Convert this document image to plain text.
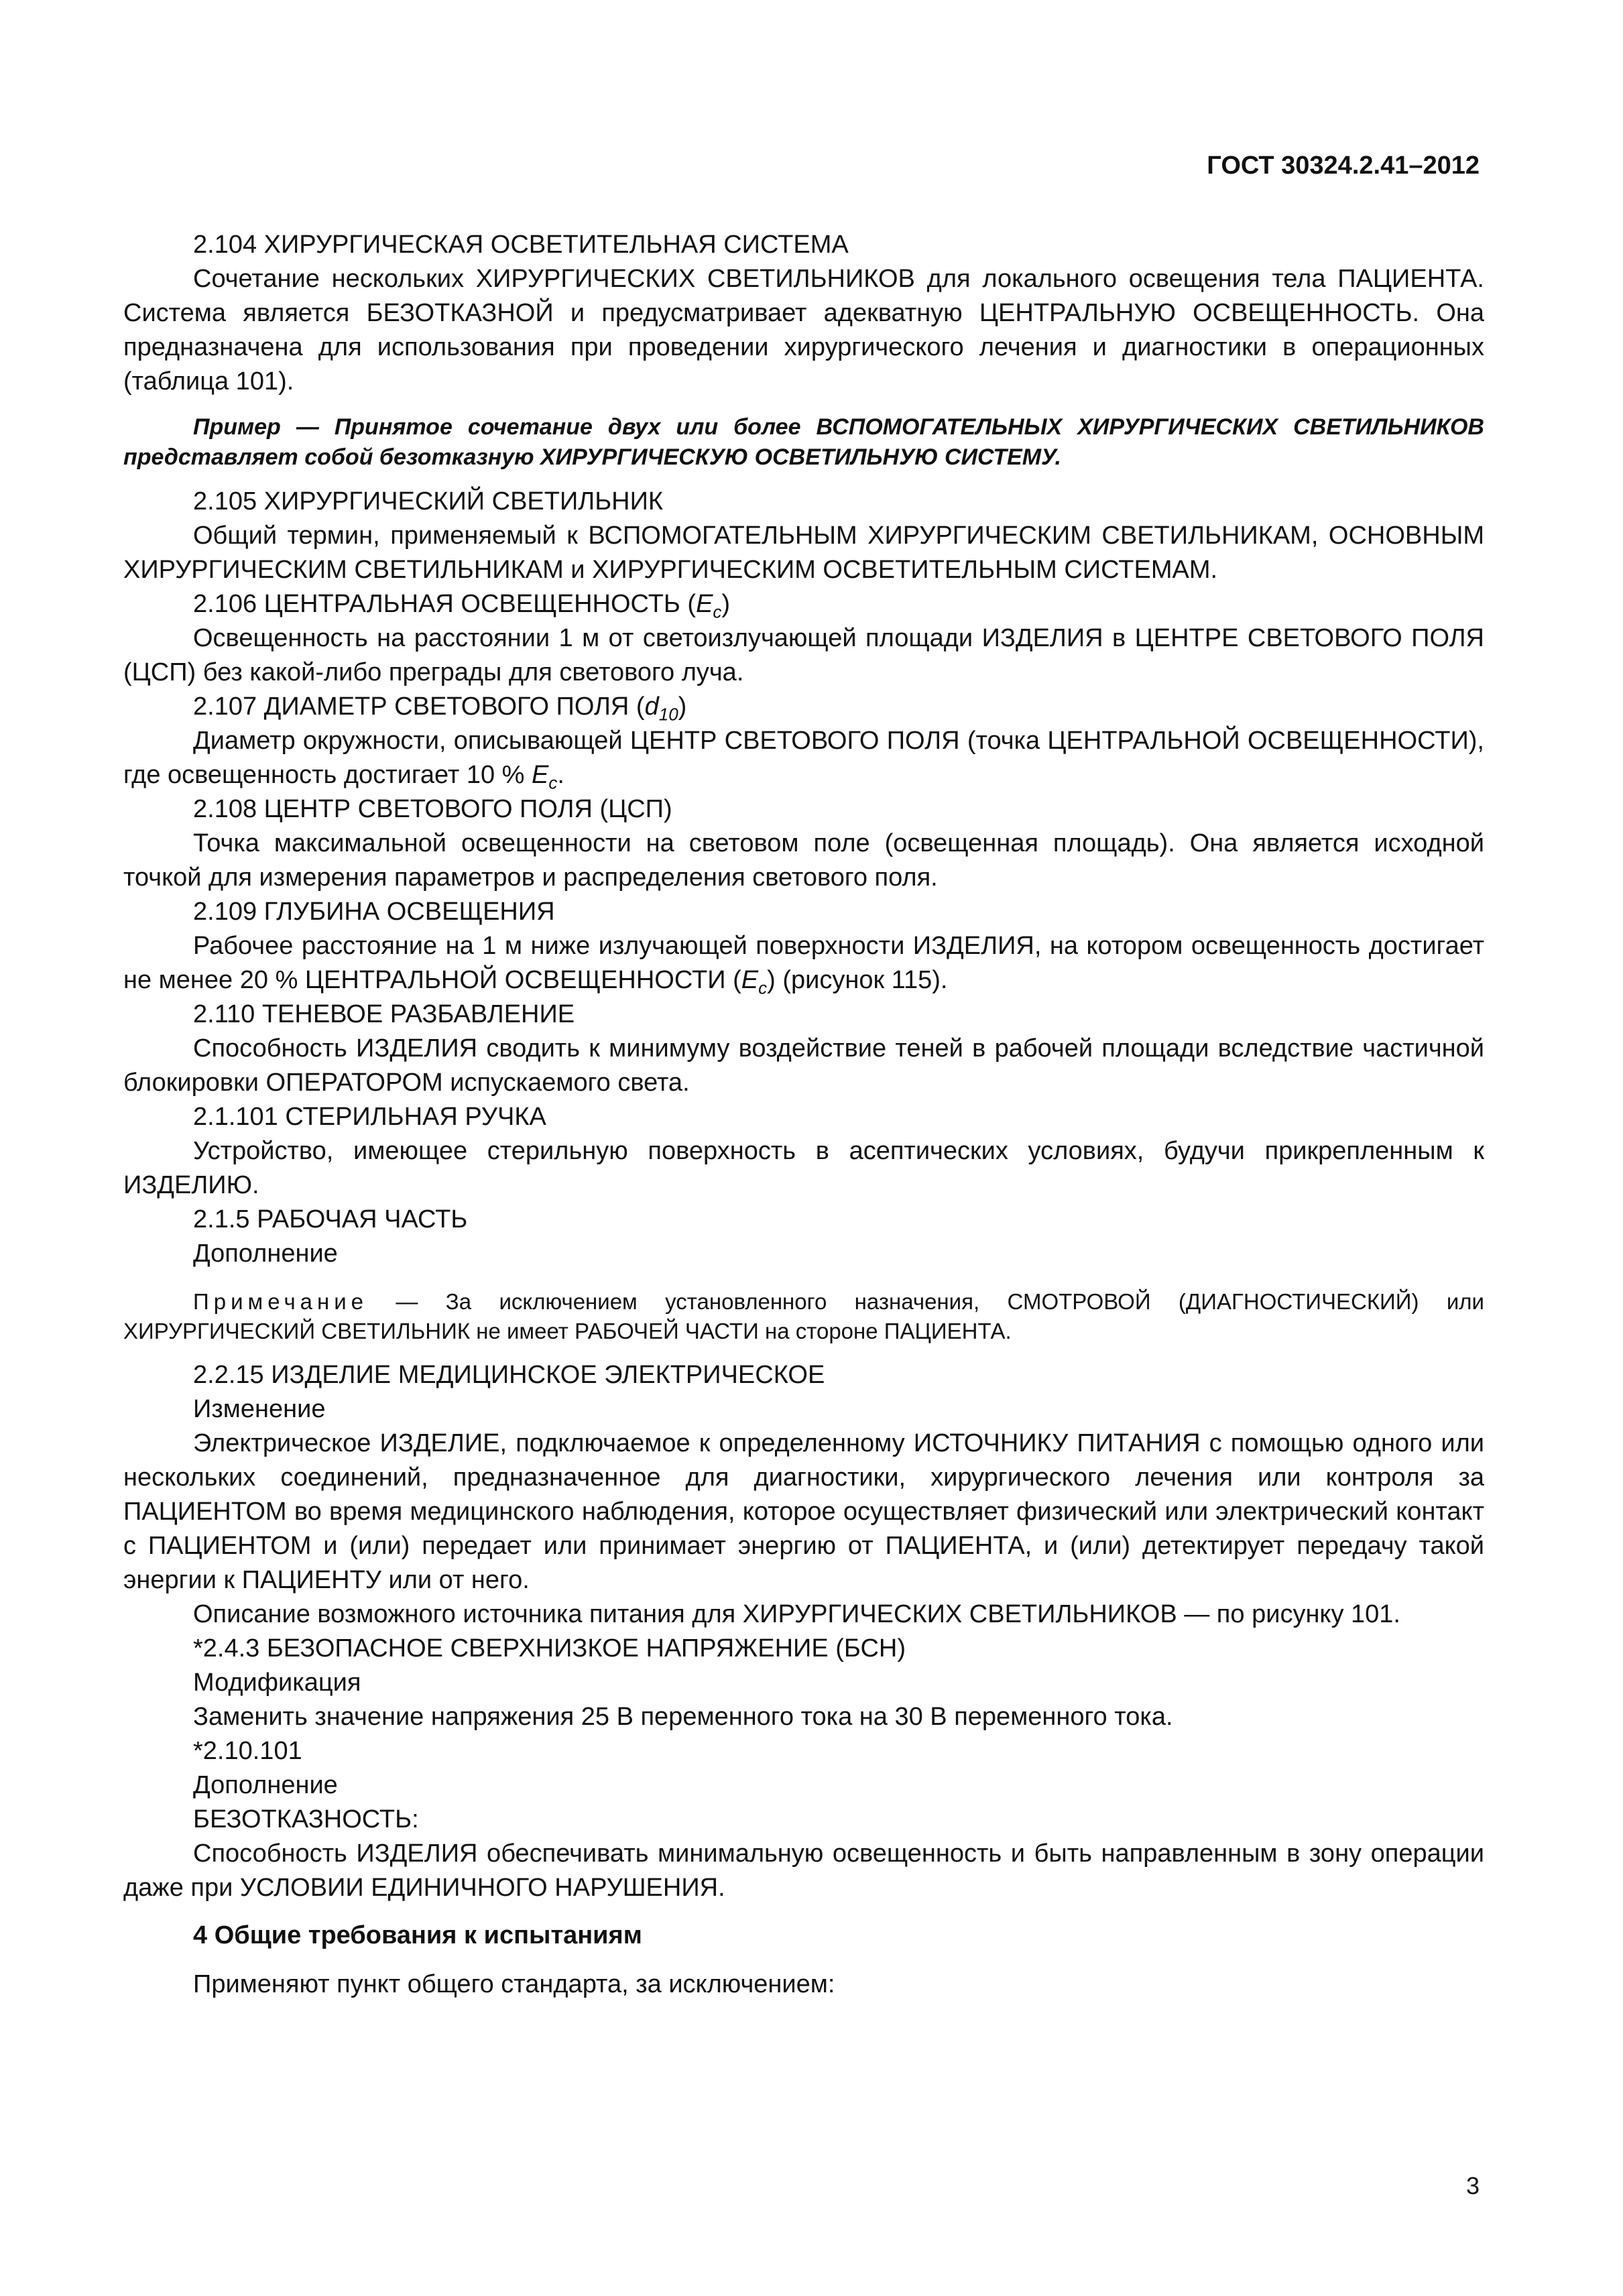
ГОСТ 30324.2.41–2012

2.104 ХИРУРГИЧЕСКАЯ ОСВЕТИТЕЛЬНАЯ СИСТЕМА

Сочетание нескольких ХИРУРГИЧЕСКИХ СВЕТИЛЬНИКОВ для локального освещения тела ПАЦИЕНТА. Система является БЕЗОТКАЗНОЙ и предусматривает адекватную ЦЕНТРАЛЬНУЮ ОСВЕЩЕННОСТЬ. Она предназначена для использования при проведении хирургического лечения и диагностики в операционных (таблица 101).

Пример — Принятое сочетание двух или более ВСПОМОГАТЕЛЬНЫХ ХИРУРГИЧЕСКИХ СВЕТИЛЬНИКОВ представляет собой безотказную ХИРУРГИЧЕСКУЮ ОСВЕТИЛЬНУЮ СИСТЕМУ.

2.105 ХИРУРГИЧЕСКИЙ СВЕТИЛЬНИК

Общий термин, применяемый к ВСПОМОГАТЕЛЬНЫМ ХИРУРГИЧЕСКИМ СВЕТИЛЬНИКАМ, ОСНОВНЫМ ХИРУРГИЧЕСКИМ СВЕТИЛЬНИКАМ и ХИРУРГИЧЕСКИМ ОСВЕТИТЕЛЬНЫМ СИСТЕМАМ.

2.106 ЦЕНТРАЛЬНАЯ ОСВЕЩЕННОСТЬ $(E_c)$

Освещенность на расстоянии 1 м от светоизлучающей площади ИЗДЕЛИЯ в ЦЕНТРЕ СВЕТОВОГО ПОЛЯ (ЦСП) без какой-либо преграды для светового луча.

2.107 ДИАМЕТР СВЕТОВОГО ПОЛЯ $(d_{10})$

Диаметр окружности, описывающей ЦЕНТР СВЕТОВОГО ПОЛЯ (точка ЦЕНТРАЛЬНОЙ ОСВЕЩЕННОСТИ), где освещенность достигает 10 % $E_c$.

2.108 ЦЕНТР СВЕТОВОГО ПОЛЯ (ЦСП)

Точка максимальной освещенности на световом поле (освещенная площадь). Она является исходной точкой для измерения параметров и распределения светового поля.

2.109 ГЛУБИНА ОСВЕЩЕНИЯ

Рабочее расстояние на 1 м ниже излучающей поверхности ИЗДЕЛИЯ, на котором освещенность достигает не менее 20 % ЦЕНТРАЛЬНОЙ ОСВЕЩЕННОСТИ $(E_c)$ (рисунок 115).

2.110 ТЕНЕВОЕ РАЗБАВЛЕНИЕ

Способность ИЗДЕЛИЯ сводить к минимуму воздействие теней в рабочей площади вследствие частичной блокировки ОПЕРАТОРОМ испускаемого света.

2.1.101 СТЕРИЛЬНАЯ РУЧКА

Устройство, имеющее стерильную поверхность в асептических условиях, будучи прикрепленным к ИЗДЕЛИЮ.

2.1.5 РАБОЧАЯ ЧАСТЬ

Дополнение

Примечание — За исключением установленного назначения, СМОТРОВОЙ (ДИАГНОСТИЧЕСКИЙ) или ХИРУРГИЧЕСКИЙ СВЕТИЛЬНИК не имеет РАБОЧЕЙ ЧАСТИ на стороне ПАЦИЕНТА.

2.2.15 ИЗДЕЛИЕ МЕДИЦИНСКОЕ ЭЛЕКТРИЧЕСКОЕ

Изменение

Электрическое ИЗДЕЛИЕ, подключаемое к определенному ИСТОЧНИКУ ПИТАНИЯ с помощью одного или нескольких соединений, предназначенное для диагностики, хирургического лечения или контроля за ПАЦИЕНТОМ во время медицинского наблюдения, которое осуществляет физический или электрический контакт с ПАЦИЕНТОМ и (или) передает или принимает энергию от ПАЦИЕНТА, и (или) детектирует передачу такой энергии к ПАЦИЕНТУ или от него.

Описание возможного источника питания для ХИРУРГИЧЕСКИХ СВЕТИЛЬНИКОВ — по рисунку 101.

*2.4.3 БЕЗОПАСНОЕ СВЕРХНИЗКОЕ НАПРЯЖЕНИЕ (БСН)

Модификация

Заменить значение напряжения 25 В переменного тока на 30 В переменного тока.

*2.10.101

Дополнение

БЕЗОТКАЗНОСТЬ:

Способность ИЗДЕЛИЯ обеспечивать минимальную освещенность и быть направленным в зону операции даже при УСЛОВИИ ЕДИНИЧНОГО НАРУШЕНИЯ.

4 Общие требования к испытаниям

Применяют пункт общего стандарта, за исключением:

3
